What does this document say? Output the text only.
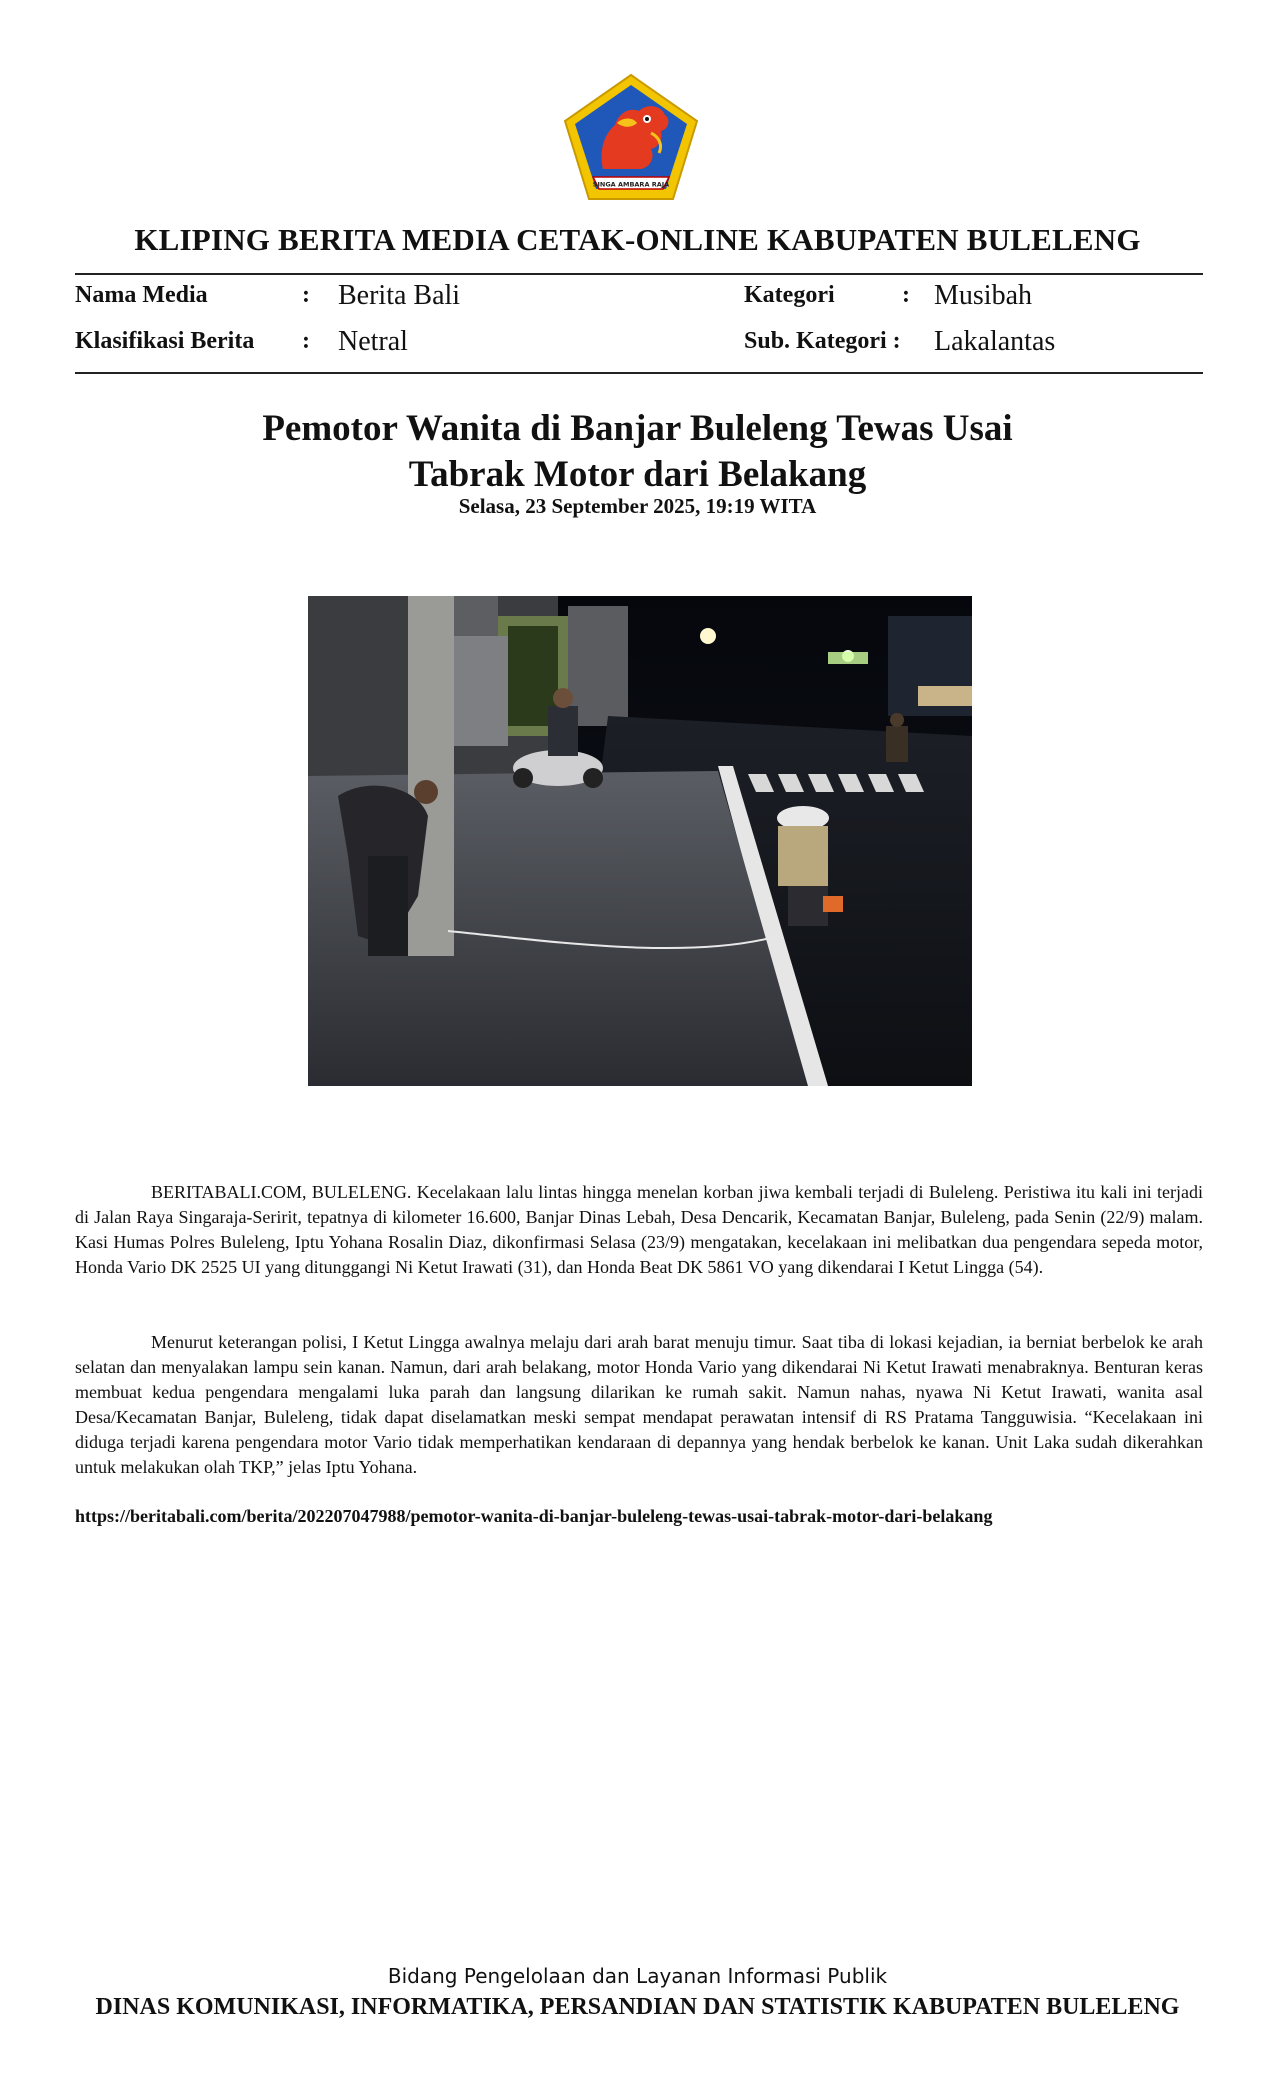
SINGA AMBARA RAJA
KLIPING BERITA MEDIA CETAK-ONLINE KABUPATEN BULELENG
Nama Media	: Berita Bali	Kategori	: Musibah
Klasifikasi Berita : Netral	Sub. Kategori : Lakalantas
Pemotor Wanita di Banjar Buleleng Tewas Usai
Tabrak Motor dari Belakang
Selasa, 23 September 2025, 19:19 WITA
BERITABALI.COM, BULELENG. Kecelakaan lalu lintas hingga menelan korban jiwa kembali terjadi di Buleleng. Peristiwa itu kali ini terjadi di Jalan Raya Singaraja-Seririt, tepatnya di kilometer 16.600, Banjar Dinas Lebah, Desa Dencarik, Kecamatan Banjar, Buleleng, pada Senin (22/9) malam. Kasi Humas Polres Buleleng, Iptu Yohana Rosalin Diaz, dikonfirmasi Selasa (23/9) mengatakan, kecelakaan ini melibatkan dua pengendara sepeda motor, Honda Vario DK 2525 UI yang ditunggangi Ni Ketut Irawati (31), dan Honda Beat DK 5861 VO yang dikendarai I Ketut Lingga (54).
Menurut keterangan polisi, I Ketut Lingga awalnya melaju dari arah barat menuju timur. Saat tiba di lokasi kejadian, ia berniat berbelok ke arah selatan dan menyalakan lampu sein kanan. Namun, dari arah belakang, motor Honda Vario yang dikendarai Ni Ketut Irawati menabraknya. Benturan keras membuat kedua pengendara mengalami luka parah dan langsung dilarikan ke rumah sakit. Namun nahas, nyawa Ni Ketut Irawati, wanita asal Desa/Kecamatan Banjar, Buleleng, tidak dapat diselamatkan meski sempat mendapat perawatan intensif di RS Pratama Tangguwisia. “Kecelakaan ini diduga terjadi karena pengendara motor Vario tidak memperhatikan kendaraan di depannya yang hendak berbelok ke kanan. Unit Laka sudah dikerahkan untuk melakukan olah TKP,” jelas Iptu Yohana.
https://beritabali.com/berita/202207047988/pemotor-wanita-di-banjar-buleleng-tewas-usai-tabrak-motor-dari-belakang
Bidang Pengelolaan dan Layanan Informasi Publik
DINAS KOMUNIKASI, INFORMATIKA, PERSANDIAN DAN STATISTIK KABUPATEN BULELENG
